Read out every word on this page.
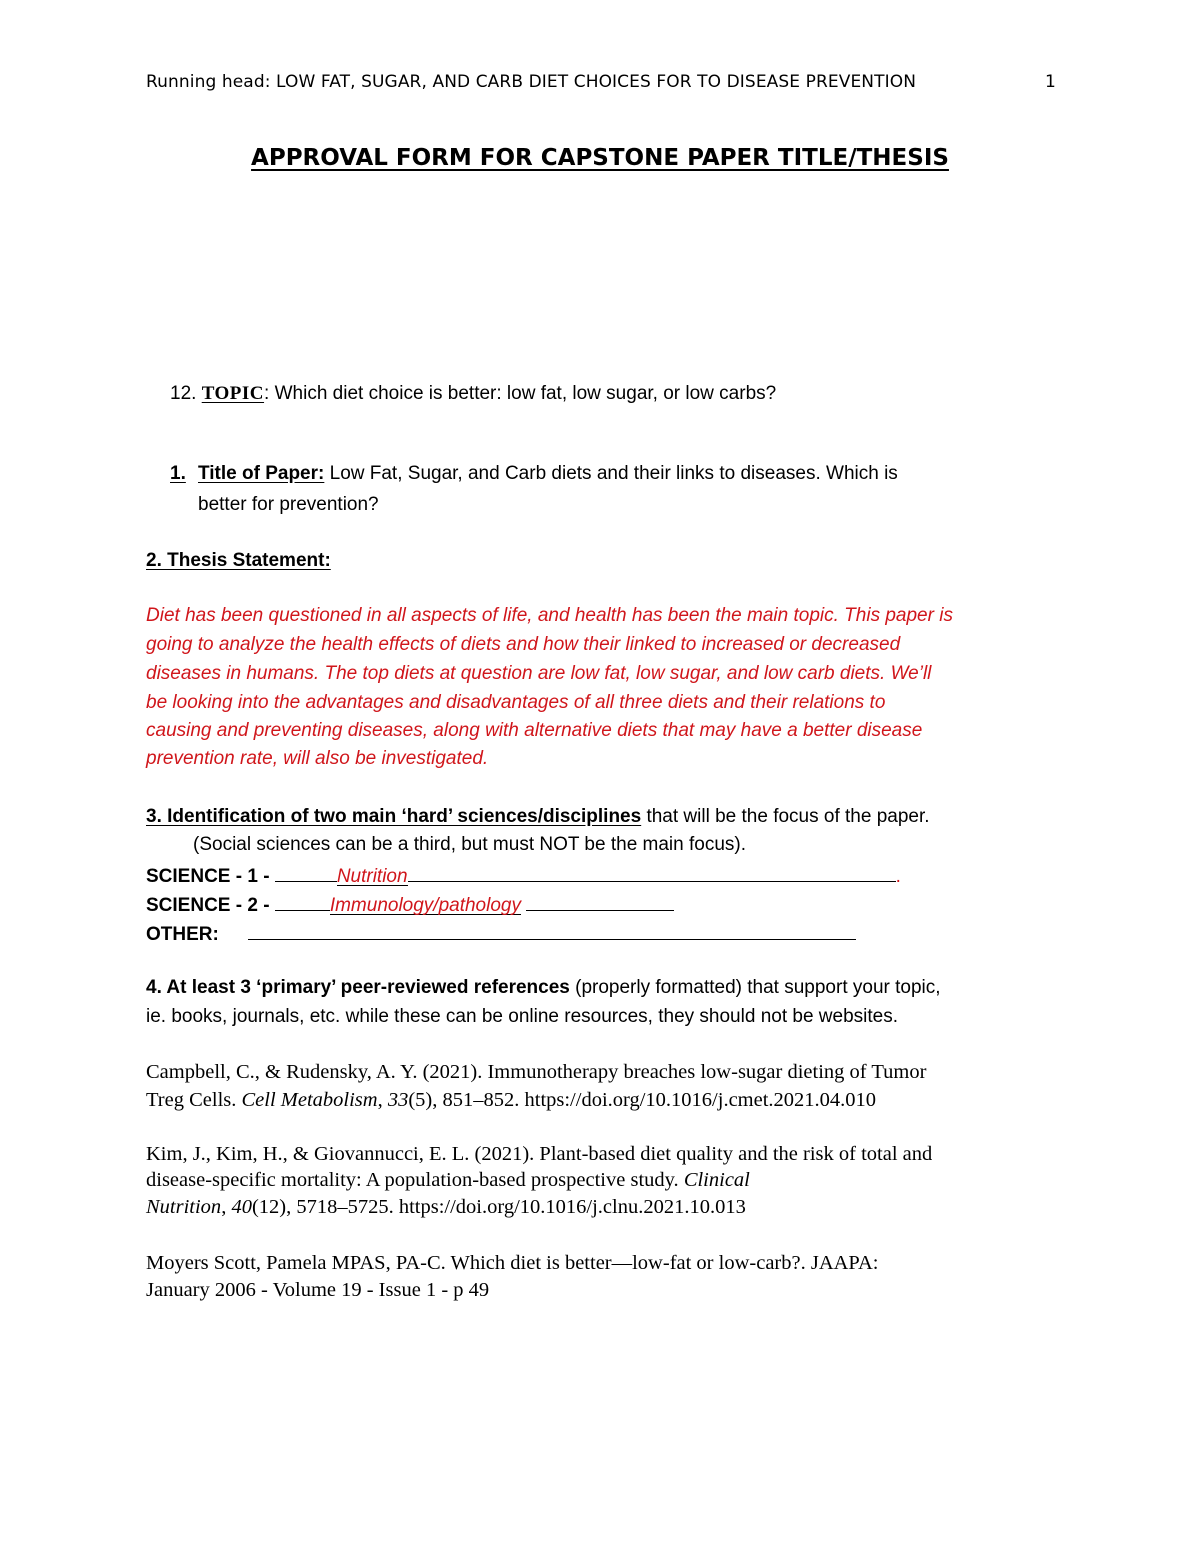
Running head: LOW FAT, SUGAR, AND CARB DIET CHOICES FOR TO DISEASE PREVENTION	1
APPROVAL FORM FOR CAPSTONE PAPER TITLE/THESIS
12. TOPIC: Which diet choice is better: low fat, low sugar, or low carbs?
1. Title of Paper: Low Fat, Sugar, and Carb diets and their links to diseases. Which is
better for prevention?
2. Thesis Statement:
Diet has been questioned in all aspects of life, and health has been the main topic. This paper is
going to analyze the health effects of diets and how their linked to increased or decreased
diseases in humans. The top diets at question are low fat, low sugar, and low carb diets. We’ll
be looking into the advantages and disadvantages of all three diets and their relations to
causing and preventing diseases, along with alternative diets that may have a better disease
prevention rate, will also be investigated.
3. Identification of two main ‘hard’ sciences/disciplines that will be the focus of the paper.
(Social sciences can be a third, but must NOT be the main focus).
SCIENCE - 1 -	Nutrition	.
SCIENCE - 2 -	Immunology/pathology
OTHER:
4. At least 3 ‘primary’ peer-reviewed references (properly formatted) that support your topic,
ie. books, journals, etc. while these can be online resources, they should not be websites.
Campbell, C., & Rudensky, A. Y. (2021). Immunotherapy breaches low-sugar dieting of Tumor
Treg Cells. Cell Metabolism, 33(5), 851–852. https://doi.org/10.1016/j.cmet.2021.04.010
Kim, J., Kim, H., & Giovannucci, E. L. (2021). Plant-based diet quality and the risk of total and
disease-specific mortality: A population-based prospective study. Clinical
Nutrition, 40(12), 5718–5725. https://doi.org/10.1016/j.clnu.2021.10.013
Moyers Scott, Pamela MPAS, PA-C. Which diet is better—low-fat or low-carb?. JAAPA:
January 2006 - Volume 19 - Issue 1 - p 49
